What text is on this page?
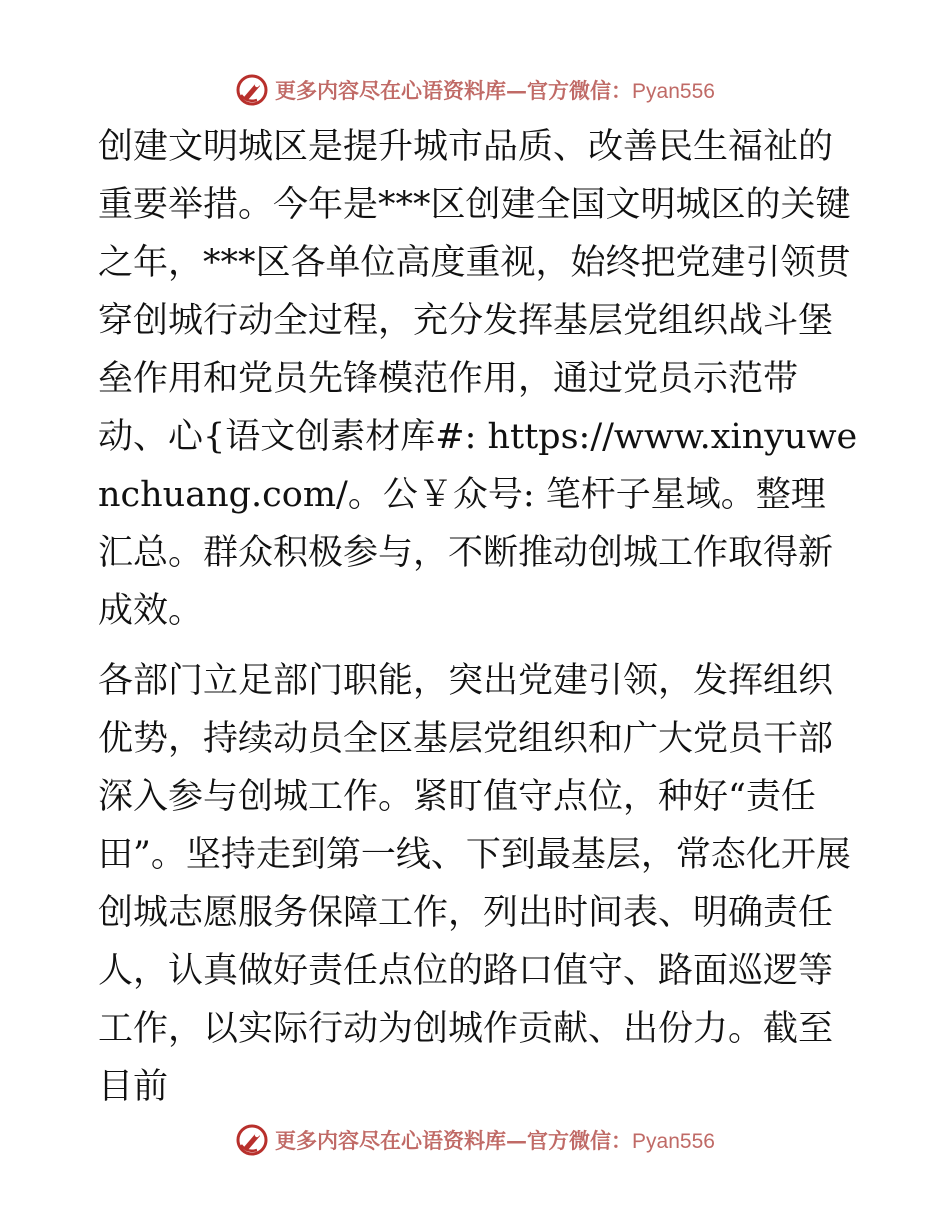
更多内容尽在心语资料库—官方微信：Pyan556

创建文明城区是提升城市品质、改善民生福祉的重要举措。今年是***区创建全国文明城区的关键之年，***区各单位高度重视，始终把党建引领贯穿创城行动全过程，充分发挥基层党组织战斗堡垒作用和党员先锋模范作用，通过党员示范带动、心{语文创素材库#: https://www.xinyuwenchuang.com/。公￥众号: 笔杆子星域。整理汇总。群众积极参与，不断推动创城工作取得新成效。

各部门立足部门职能，突出党建引领，发挥组织优势，持续动员全区基层党组织和广大党员干部深入参与创城工作。紧盯值守点位，种好“责任田”。坚持走到第一线、下到最基层，常态化开展创城志愿服务保障工作，列出时间表、明确责任人，认真做好责任点位的路口值守、路面巡逻等工作，以实际行动为创城作贡献、出份力。截至目前

更多内容尽在心语资料库—官方微信：Pyan556
